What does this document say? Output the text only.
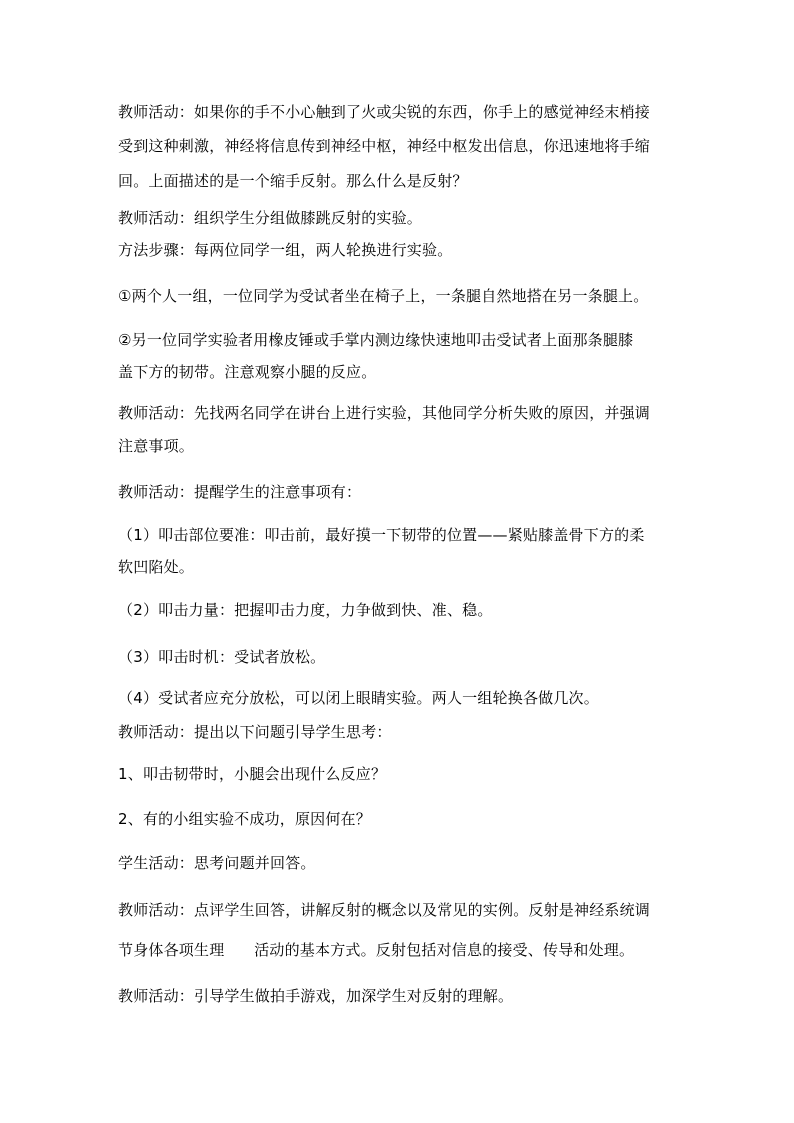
教师活动：如果你的手不小心触到了火或尖锐的东西，你手上的感觉神经末梢接
受到这种刺激，神经将信息传到神经中枢，神经中枢发出信息，你迅速地将手缩
回。上面描述的是一个缩手反射。那么什么是反射？
教师活动：组织学生分组做膝跳反射的实验。
方法步骤：每两位同学一组，两人轮换进行实验。
①两个人一组，一位同学为受试者坐在椅子上，一条腿自然地搭在另一条腿上。
②另一位同学实验者用橡皮锤或手掌内测边缘快速地叩击受试者上面那条腿膝
盖下方的韧带。注意观察小腿的反应。
教师活动：先找两名同学在讲台上进行实验，其他同学分析失败的原因，并强调
注意事项。
教师活动：提醒学生的注意事项有：
（1）叩击部位要准：叩击前，最好摸一下韧带的位置——紧贴膝盖骨下方的柔
软凹陷处。
（2）叩击力量：把握叩击力度，力争做到快、准、稳。
（3）叩击时机：受试者放松。
（4）受试者应充分放松，可以闭上眼睛实验。两人一组轮换各做几次。
教师活动：提出以下问题引导学生思考：
1、叩击韧带时，小腿会出现什么反应？
2、有的小组实验不成功，原因何在？
学生活动：思考问题并回答。
教师活动：点评学生回答，讲解反射的概念以及常见的实例。反射是神经系统调
节身体各项生理      活动的基本方式。反射包括对信息的接受、传导和处理。
教师活动：引导学生做拍手游戏，加深学生对反射的理解。
